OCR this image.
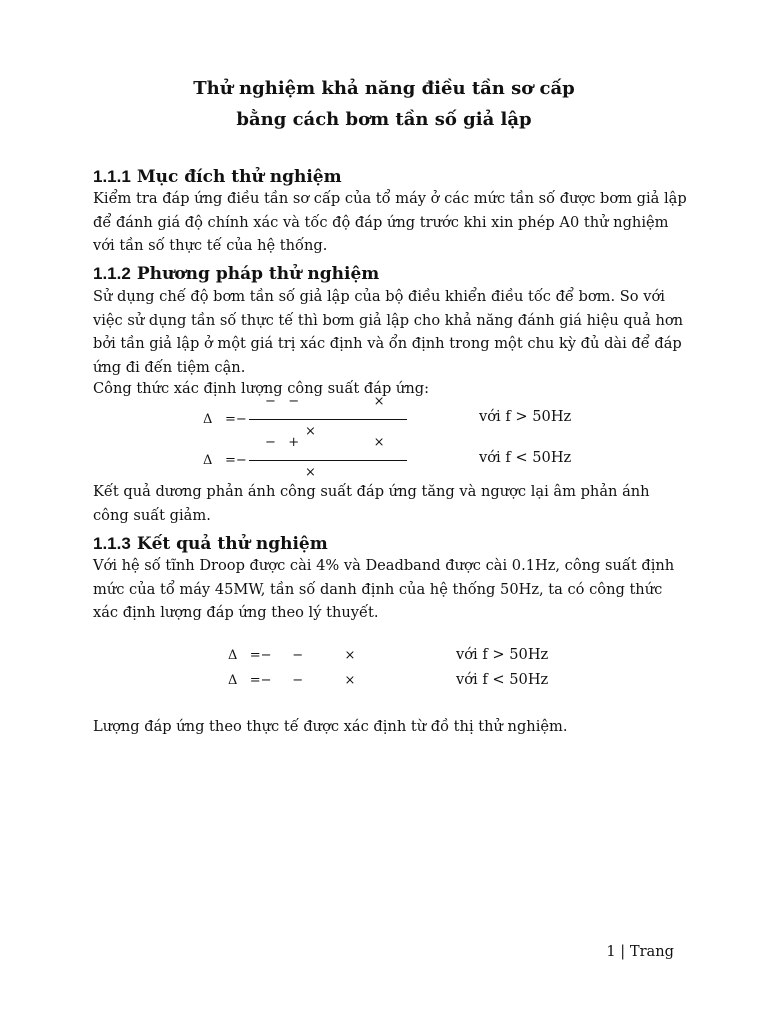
Thử nghiệm khả năng điều tần sơ cấp
bằng cách bơm tần số giả lập
1.1.1 Mục đích thử nghiệm
Kiểm tra đáp ứng điều tần sơ cấp của tổ máy ở các mức tần số được bơm giả lập để đánh giá độ chính xác và tốc độ đáp ứng trước khi xin phép A0 thử nghiệm với tần số thực tế của hệ thống.
1.1.2 Phương pháp thử nghiệm
Sử dụng chế độ bơm tần số giả lập của bộ điều khiển điều tốc để bơm. So với việc sử dụng tần số thực tế thì bơm giả lập cho khả năng đánh giá hiệu quả hơn bởi tần giả lập ở một giá trị xác định và ổn định trong một chu kỳ đủ dài để đáp ứng đi đến tiệm cận.
Công thức xác định lượng công suất đáp ứng:
Δ =−
−   −                  ×
×
với f > 50Hz
Δ =−
−   +                  ×
×
với f < 50Hz
Kết quả dương phản ánh công suất đáp ứng tăng và ngược lại âm phản ánh công suất giảm.
1.1.3 Kết quả thử nghiệm
Với hệ số tĩnh Droop được cài 4% và Deadband được cài 0.1Hz, công suất định mức của tổ máy 45MW, tần số danh định của hệ thống 50Hz, ta có công thức xác định lượng đáp ứng theo lý thuyết.
Δ   =−     −          ×	với f > 50Hz
Δ   =−     −          ×	với f < 50Hz
Lượng đáp ứng theo thực tế được xác định từ đồ thị thử nghiệm.
1 | Trang
